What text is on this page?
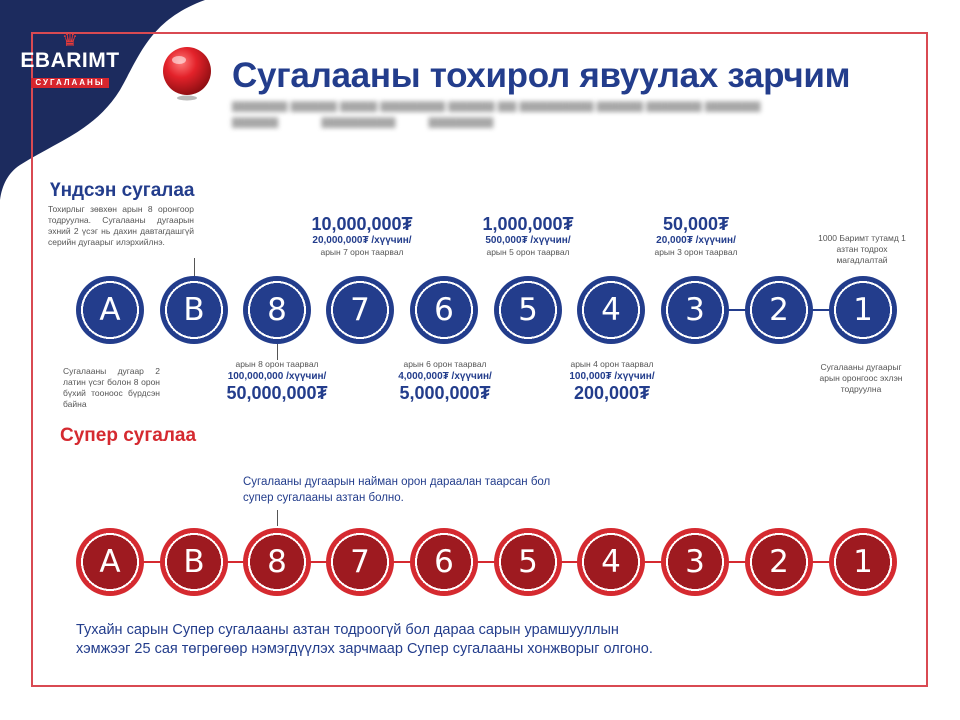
♛
EBARIMT
СУГАЛААНЫ	Сугалааны тохирол явуулах зарчим
▆▆▆▆▆▆ ▆▆▆▆▆ ▆▆▆▆ ▆▆▆▆▆▆▆ ▆▆▆▆▆ ▆▆ ▆▆▆▆▆▆▆▆ ▆▆▆▆▆ ▆▆▆▆▆▆ ▆▆▆▆▆▆
▆▆▆▆▆             ▆▆▆▆▆▆▆▆          ▆▆▆▆▆▆▆
Үндсэн сугалаа
A	B	8	7	6	5	4	3	2	1
Тохирлыг зөвхөн арын 8 оронгоор тодруулна. Сугалааны дугаарын эхний 2 үсэг нь дахин давтагдашгүй серийн дугаарыг илэрхийлнэ.
Сугалааны дугаар 2 латин үсэг болон 8 орон бүхий тооноос бүрдсэн байна
1000 Баримт тутамд 1 азтан тодрох магадлалтай
Сугалааны дугаарыг арын оронгоос эхлэн тодруулна
10,000,000₮
20,000,000₮ /хүүчин/
арын 7 орон таарвал
1,000,000₮
500,000₮ /хүүчин/
арын 5 орон таарвал
50,000₮
20,000₮ /хүүчин/
арын 3 орон таарвал
арын 8 орон таарвал
100,000,000 /хүүчин/
50,000,000₮
арын 6 орон таарвал
4,000,000₮ /хүүчин/
5,000,000₮
арын 4 орон таарвал
100,000₮ /хүүчин/
200,000₮
Супер сугалаа
Сугалааны дугаарын найман орон дараалан таарсан бол
супер сугалааны азтан болно.
A	B	8	7	6	5	4	3	2	1
Тухайн сарын Супер сугалааны азтан тодроогүй бол дараа сарын урамшууллын
хэмжээг 25 сая төгрөгөөр нэмэгдүүлэх зарчмаар Супер сугалааны хонжворыг олгоно.
